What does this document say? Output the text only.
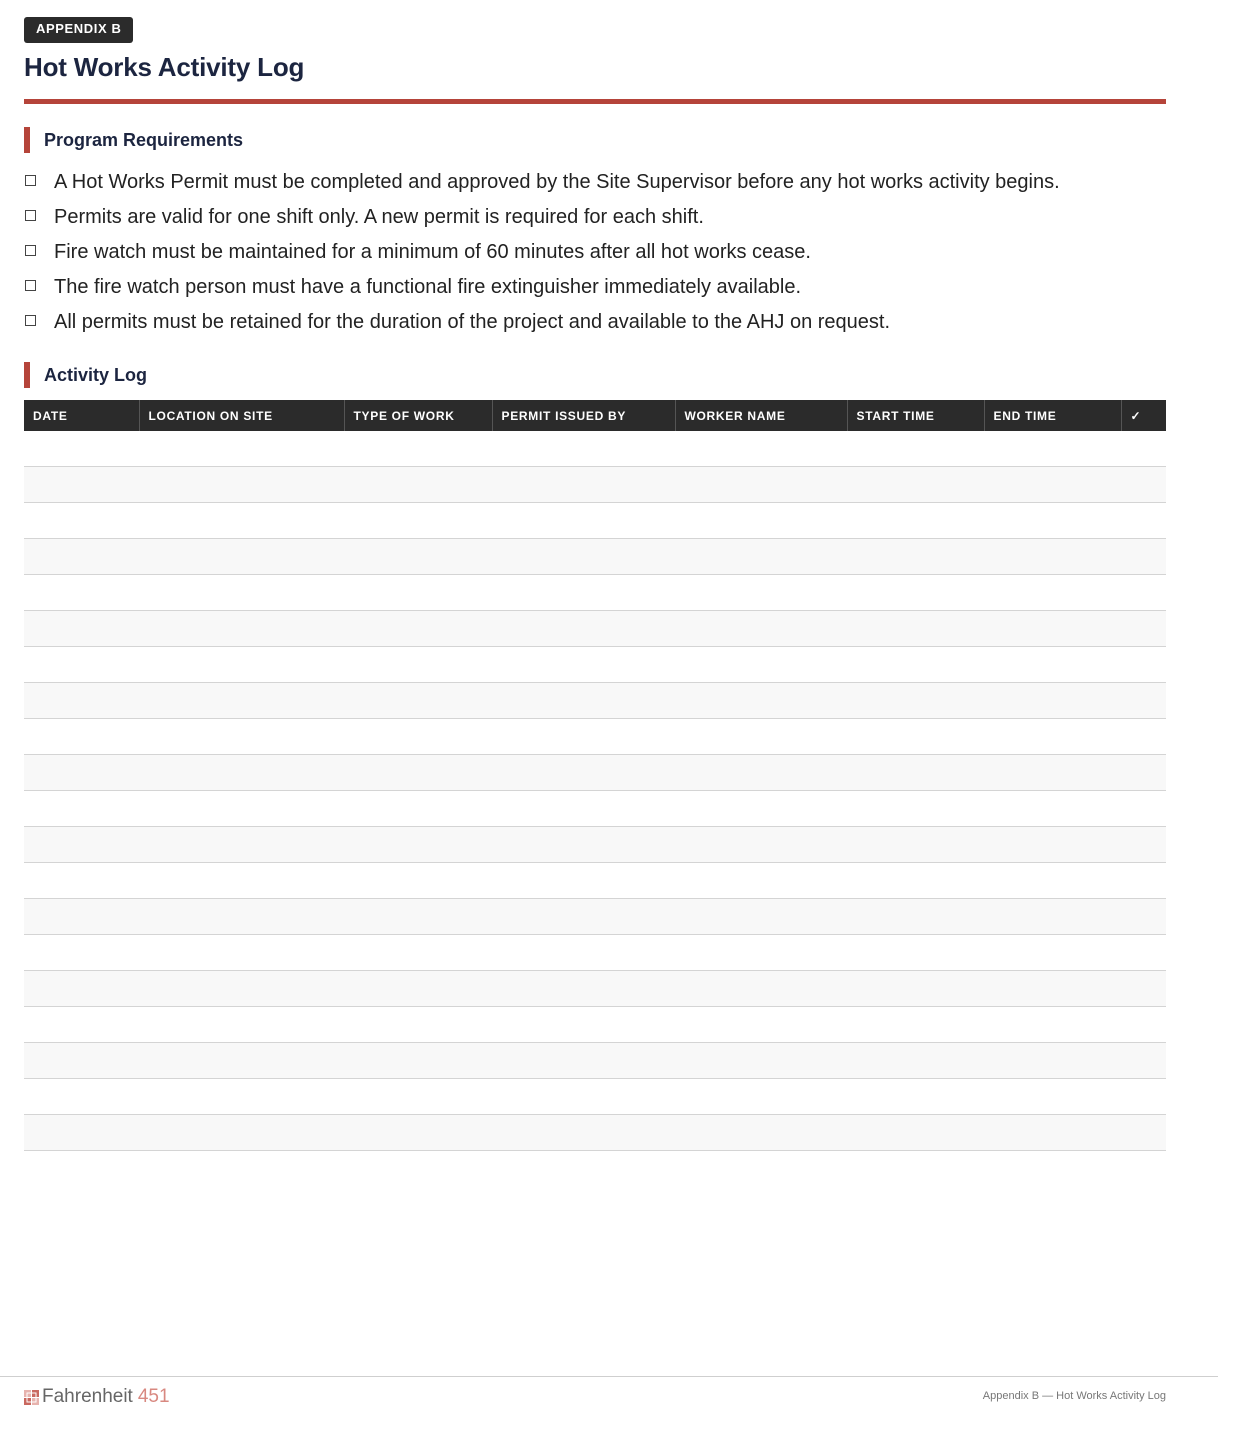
APPENDIX B
Hot Works Activity Log
Program Requirements
A Hot Works Permit must be completed and approved by the Site Supervisor before any hot works activity begins.
Permits are valid for one shift only. A new permit is required for each shift.
Fire watch must be maintained for a minimum of 60 minutes after all hot works cease.
The fire watch person must have a functional fire extinguisher immediately available.
All permits must be retained for the duration of the project and available to the AHJ on request.
Activity Log
DATE	LOCATION ON SITE	TYPE OF WORK	PERMIT ISSUED BY	WORKER NAME	START TIME	END TIME	✓

Fahrenheit 451	Appendix B — Hot Works Activity Log
